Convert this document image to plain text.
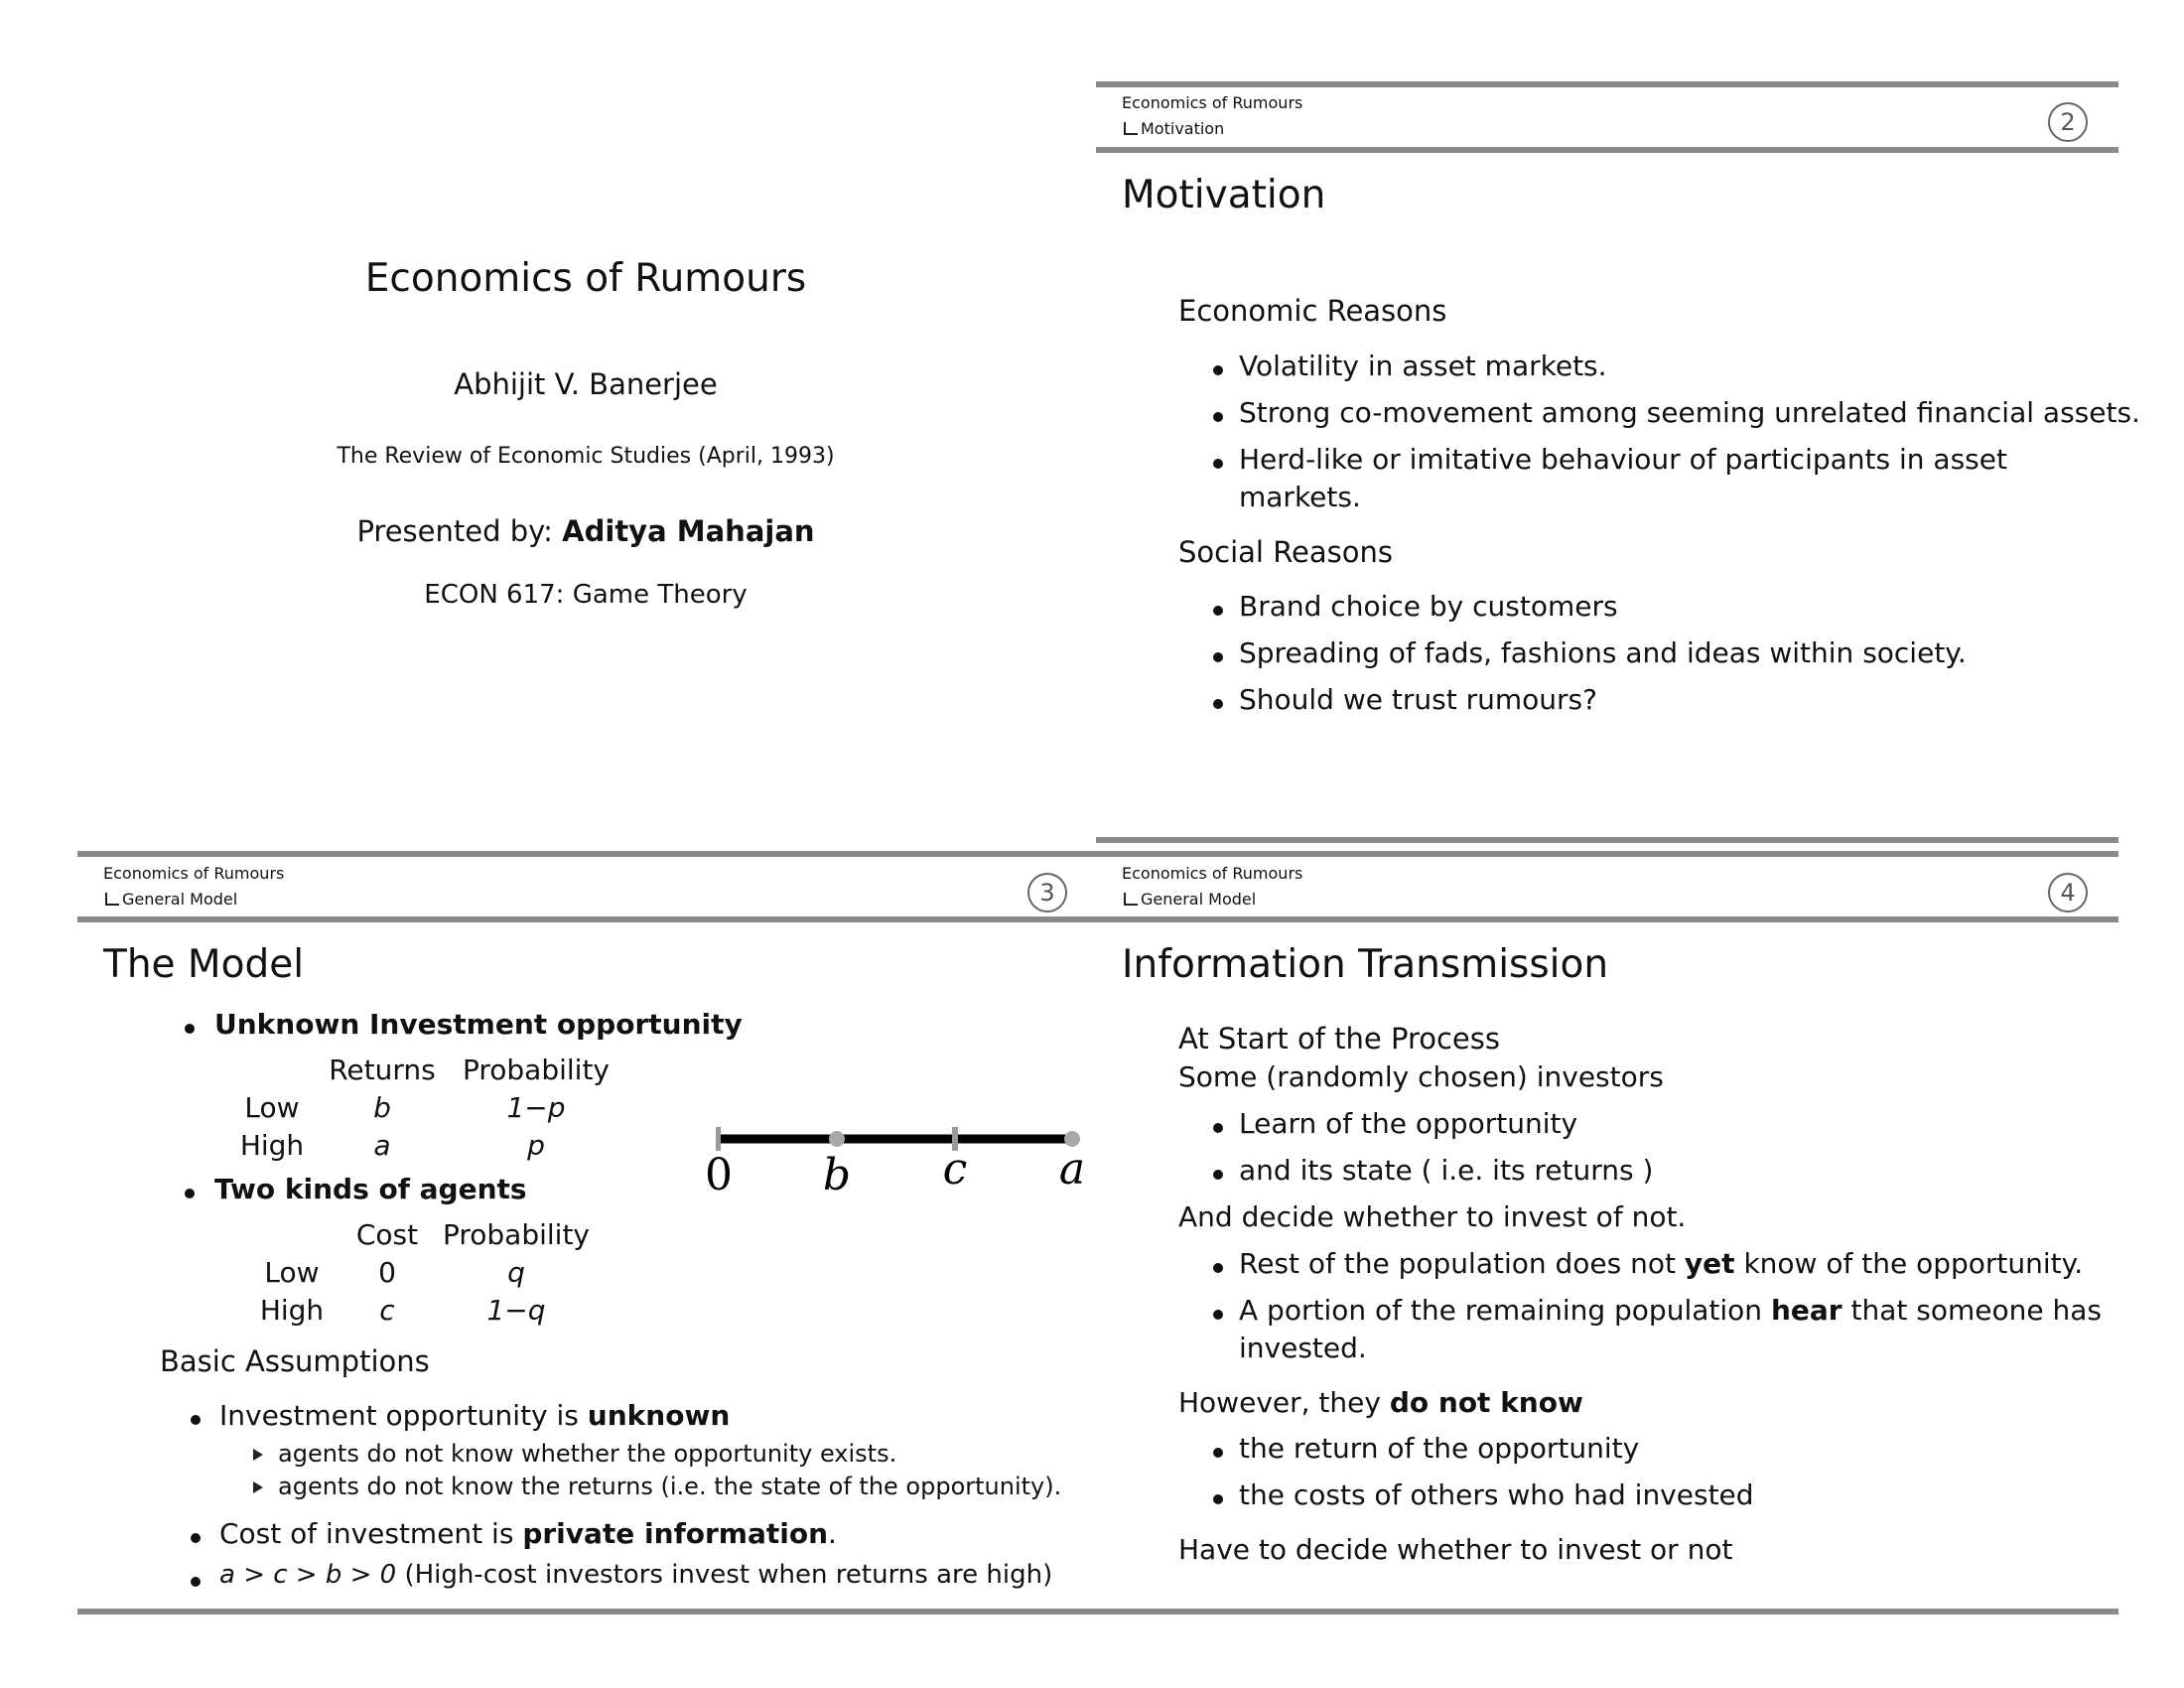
Economics of Rumours
Abhijit V. Banerjee
The Review of Economic Studies (April, 1993)
Presented by: Aditya Mahajan
ECON 617: Game Theory
Economics of Rumours
Motivation	2
Motivation
Economic Reasons
Volatility in asset markets.
Strong co-movement among seeming unrelated financial assets.
Herd-like or imitative behaviour of participants in asset
markets.
Social Reasons
Brand choice by customers
Spreading of fads, fashions and ideas within society.
Should we trust rumours?
Economics of Rumours
General Model	3
The Model
Unknown Investment opportunity
Returns Probability
Low	b	1−p
High	a	p
Two kinds of agents
Cost Probability
Low	0	q
High	c	1−q
0 b c a
Basic Assumptions
Investment opportunity is unknown
agents do not know whether the opportunity exists.
agents do not know the returns (i.e. the state of the opportunity).
Cost of investment is private information.
a > c > b > 0 (High-cost investors invest when returns are high)
Economics of Rumours
General Model	4
Information Transmission
At Start of the Process
Some (randomly chosen) investors
Learn of the opportunity
and its state ( i.e. its returns )
And decide whether to invest of not.
Rest of the population does not yet know of the opportunity.
A portion of the remaining population hear that someone has
invested.
However, they do not know
the return of the opportunity
the costs of others who had invested
Have to decide whether to invest or not
